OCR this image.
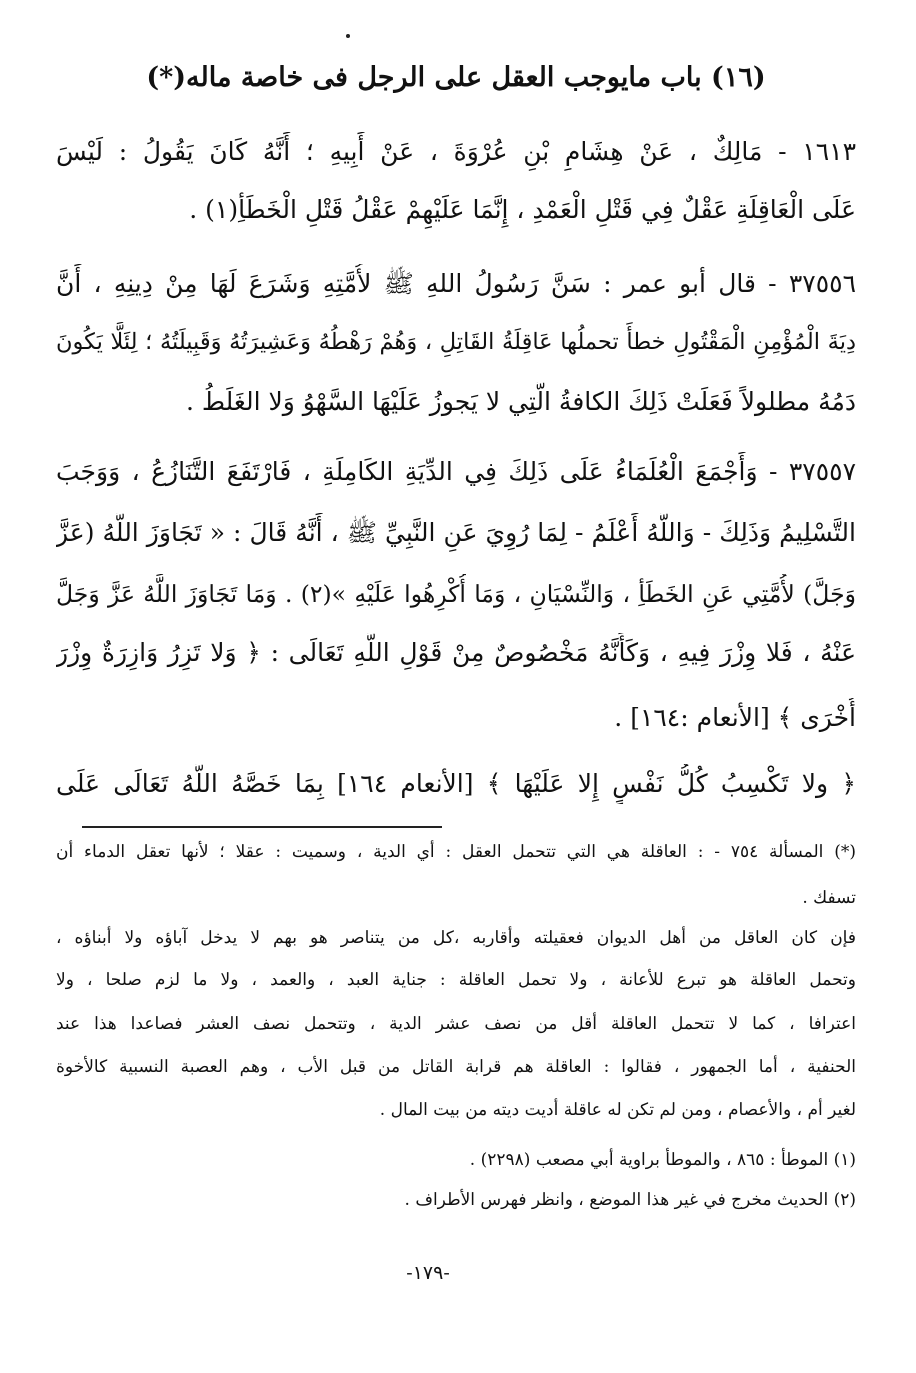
(١٦) باب مايوجب العقل على الرجل فى خاصة ماله(*)
١٦١٣ - مَالِكٌ ، عَنْ هِشَامِ بْنِ عُرْوَةَ ، عَنْ أَبِيهِ ؛ أَنَّهُ كَانَ يَقُولُ : لَيْسَ
عَلَى الْعَاقِلَةِ عَقْلٌ فِي قَتْلِ الْعَمْدِ ، إِنَّمَا عَلَيْهِمْ عَقْلُ قَتْلِ الْخَطَأِ(١) .
٣٧٥٥٦ - قال أبو عمر : سَنَّ رَسُولُ اللهِ ﷺ لأُمَّتِهِ وَشَرَعَ لَهَا مِنْ دِينِهِ ، أَنَّ
دِيَةَ الْمُؤْمِنِ الْمَقْتُولِ خطأً تحملُها عَاقِلَةُ القَاتِلِ ، وَهُمْ رَهْطُهُ وَعَشِيرَتُهُ وَقَبِيلَتُهُ ؛ لِئَلَّا يَكُونَ
دَمُهُ مطلولاً فَعَلَتْ ذَلِكَ الكافةُ الَّتِي لا يَجوزُ عَلَيْهَا السَّهْوُ وَلا الغَلَطُ .
٣٧٥٥٧ - وَأَجْمَعَ الْعُلَمَاءُ عَلَى ذَلِكَ فِي الدِّيَةِ الكَامِلَةِ ، فَارْتَفَعَ التَّنَازُعُ ، وَوَجَبَ
التَّسْلِيمُ وَذَلِكَ - وَاللَّهُ أَعْلَمُ - لِمَا رُوِيَ عَنِ النَّبِيِّ ﷺ ، أَنَّهُ قَالَ : « تَجَاوَزَ اللَّهُ (عَزَّ
وَجَلَّ) لأُمَّتِي عَنِ الخَطَأِ ، وَالنِّسْيَانِ ، وَمَا أُكْرِهُوا عَلَيْهِ »(٢) . وَمَا تَجَاوَزَ اللَّهُ عَزَّ وَجَلَّ
عَنْهُ ، فَلا وِزْرَ فِيهِ ، وَكَأَنَّهُ مَخْصُوصٌ مِنْ قَوْلِ اللَّهِ تَعَالَى : ﴿ وَلا تَزِرُ وَازِرَةٌ وِزْرَ
أُخْرَى ﴾ [الأنعام :١٦٤] .
﴿ ولا تَكْسِبُ كُلُّ نَفْسٍ إِلا عَلَيْهَا ﴾ [الأنعام ١٦٤] بِمَا خَصَّهُ اللَّهُ تَعَالَى عَلَى
(*) المسألة ٧٥٤ - : العاقلة هي التي تتحمل العقل : أي الدية ، وسميت : عقلا ؛ لأنها تعقل الدماء أن
تسفك .
فإن كان العاقل من أهل الديوان فعقيلته وأقاربه ،كل من يتناصر هو بهم لا يدخل آباؤه ولا أبناؤه ،
وتحمل العاقلة هو تبرع للأعانة ، ولا تحمل العاقلة : جناية العبد ، والعمد ، ولا ما لزم صلحا ، ولا
اعترافا ، كما لا تتحمل العاقلة أقل من نصف عشر الدية ، وتتحمل نصف العشر فصاعدا هذا عند
الحنفية ، أما الجمهور ، فقالوا : العاقلة هم قرابة القاتل من قبل الأب ، وهم العصبة النسبية كالأخوة
لغير أم ، والأعصام ، ومن لم تكن له عاقلة أديت ديته من بيت المال .
(١) الموطأ : ٨٦٥ ، والموطأ براوية أبي مصعب (٢٢٩٨) .
(٢) الحديث مخرج في غير هذا الموضع ، وانظر فهرس الأطراف .
-١٧٩-
